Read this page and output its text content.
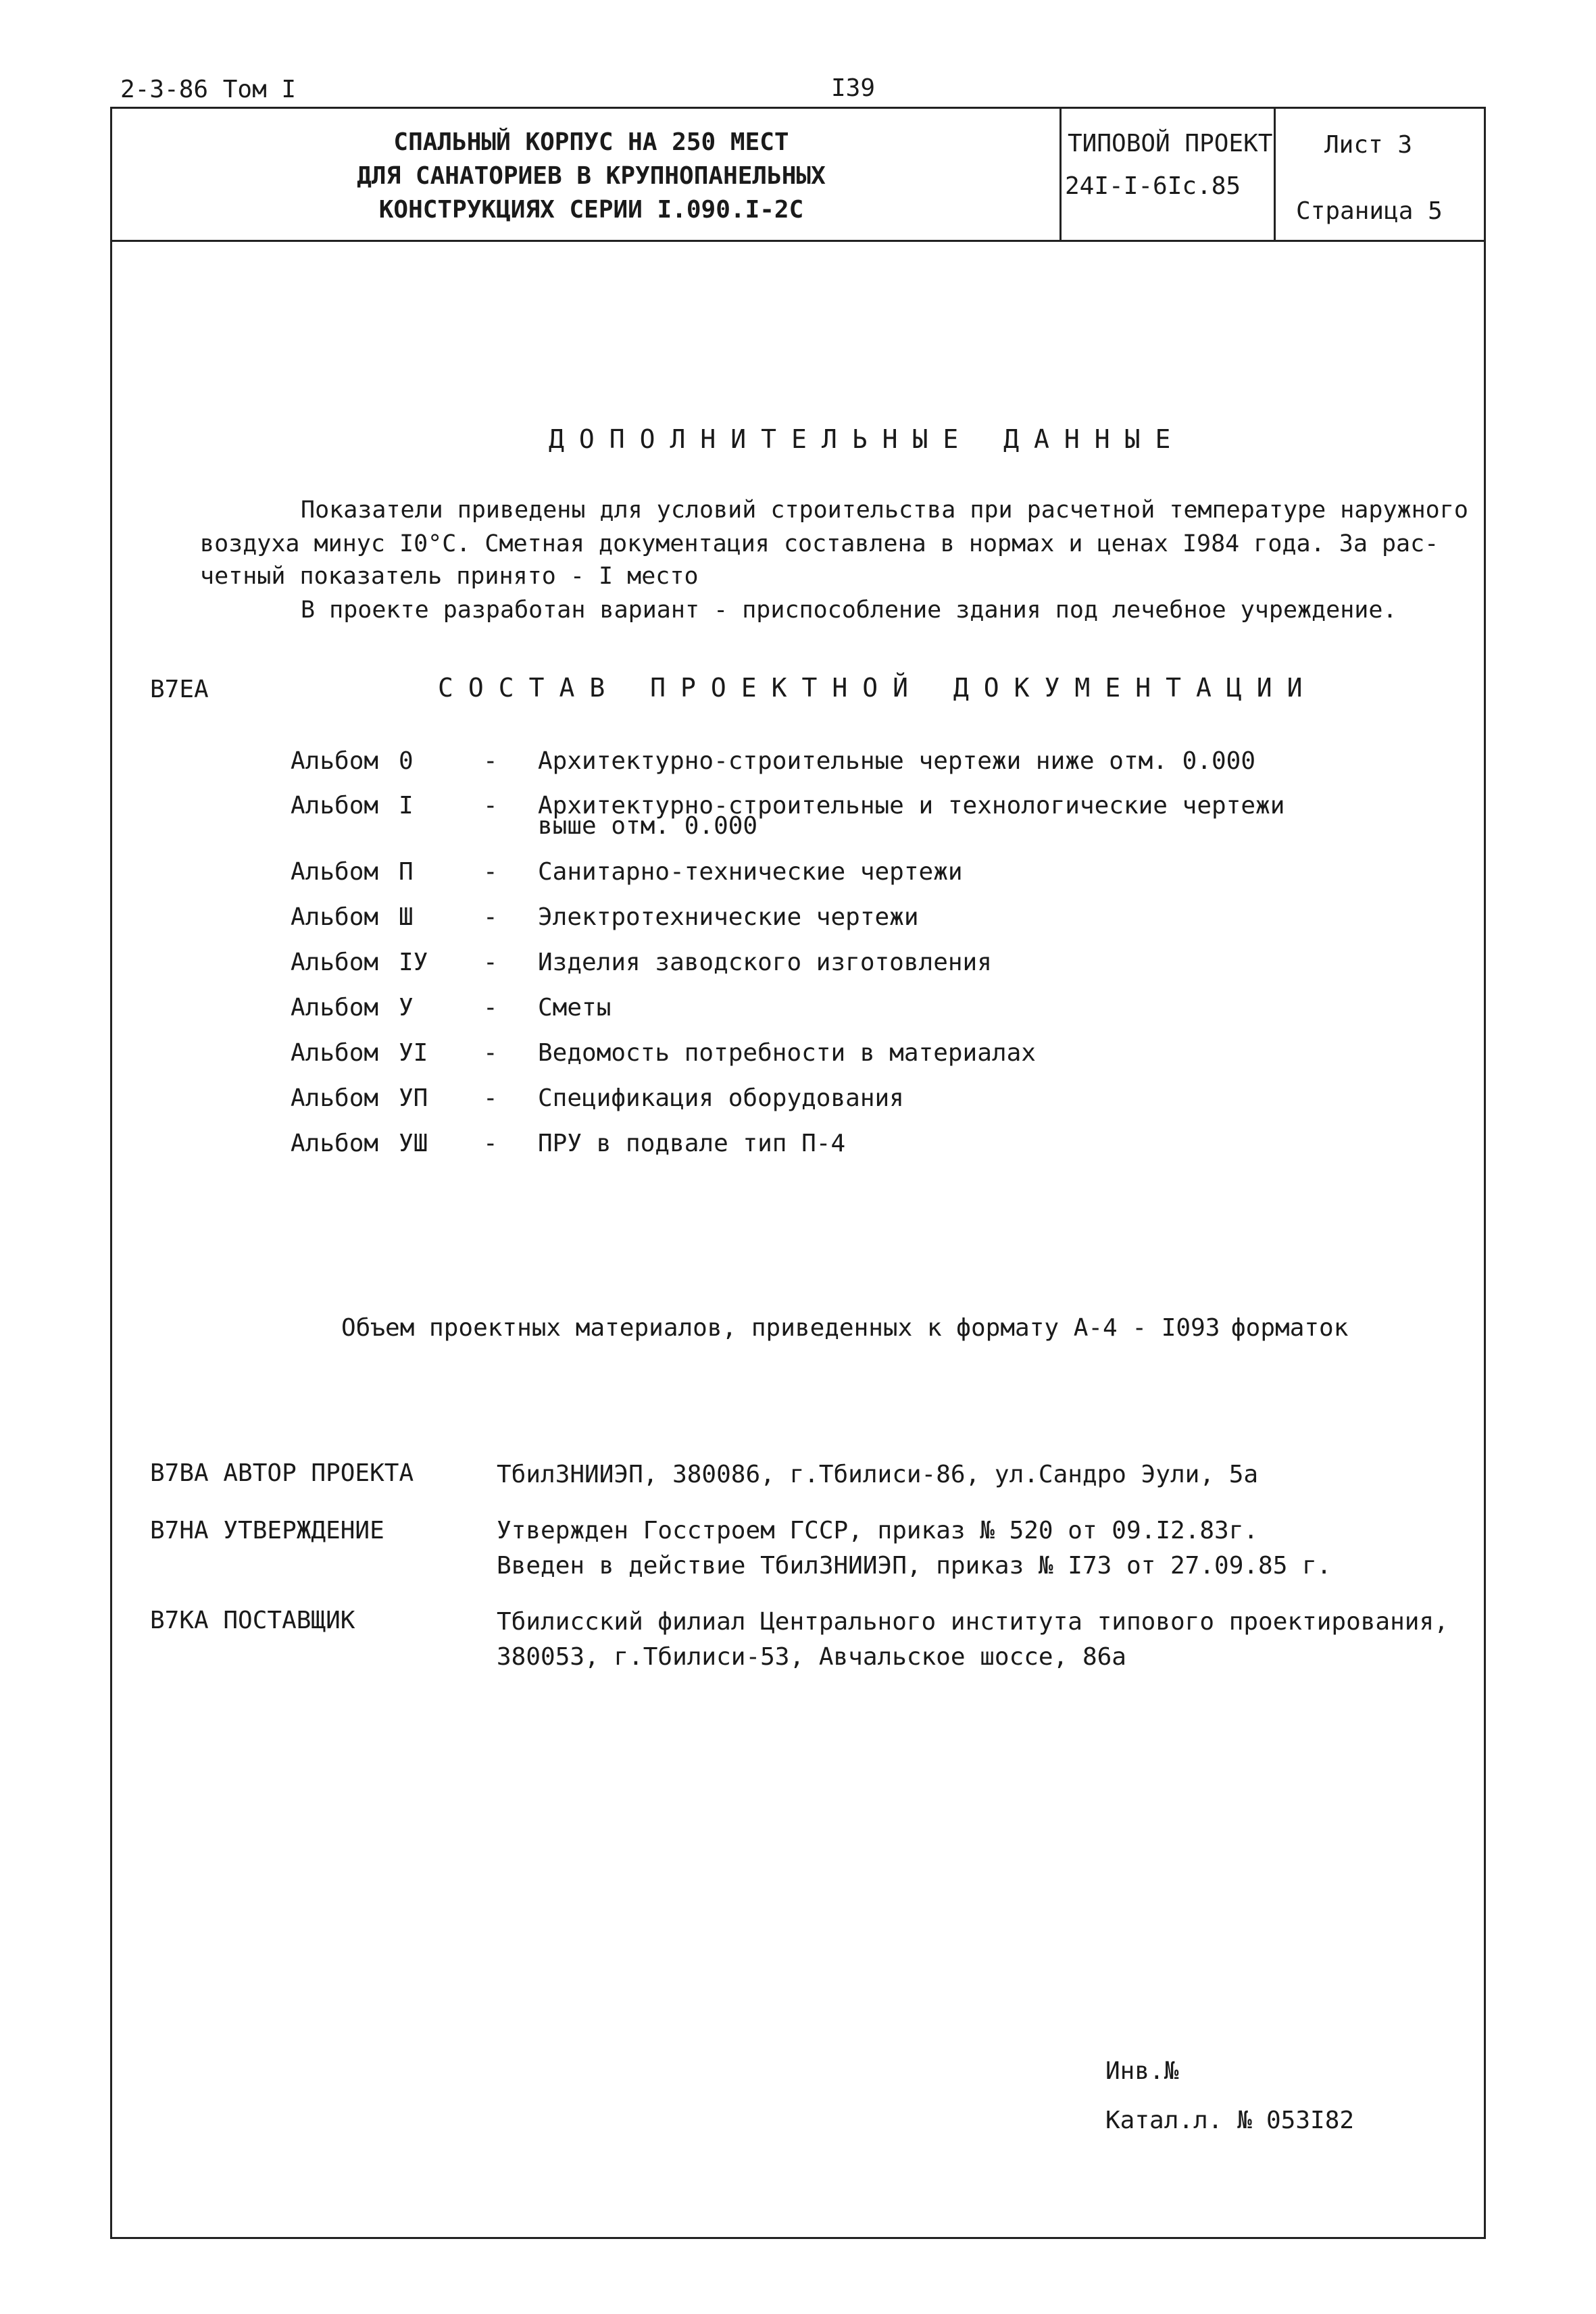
2-3-86 Том I	I39
СПАЛЬНЫЙ КОРПУС НА 250 МЕСТ
ДЛЯ САНАТОРИЕВ В КРУПНОПАНЕЛЬНЫХ
КОНСТРУКЦИЯХ СЕРИИ I.090.I-2С
ТИПОВОЙ ПРОЕКТ
24I-I-6Iс.85
Лист 3
Страница 5
ДОПОЛНИТЕЛЬНЫЕ ДАННЫЕ
Показатели приведены для условий строительства при расчетной температуре наружного
воздуха минус I0°С. Сметная документация составлена в нормах и ценах I984 года. За рас-
четный показатель принято - I место
В проекте разработан вариант - приспособление здания под лечебное учреждение.
В7ЕА	СОСТАВ ПРОЕКТНОЙ ДОКУМЕНТАЦИИ
Альбом 0	- Архитектурно-строительные чертежи ниже отм. 0.000
Альбом I	- Архитектурно-строительные и технологические чертежи
выше отм. 0.000
Альбом П	- Санитарно-технические чертежи
Альбом Ш	- Электротехнические чертежи
Альбом IУ - Изделия заводского изготовления
Альбом У	- Сметы
Альбом УI - Ведомость потребности в материалах
Альбом УП - Спецификация оборудования
Альбом УШ - ПРУ в подвале тип П-4
Объем проектных материалов, приведенных к формату А-4 - I093 форматок
В7ВА АВТОР ПРОЕКТА	ТбилЗНИИЭП, 380086, г.Тбилиси-86, ул.Сандро Эули, 5а
В7НА УТВЕРЖДЕНИЕ	Утвержден Госстроем ГССР, приказ № 520 от 09.I2.83г.
Введен в действие ТбилЗНИИЭП, приказ № I73 от 27.09.85 г.
В7КА ПОСТАВЩИК	Тбилисский филиал Центрального института типового проектирования,
380053, г.Тбилиси-53, Авчальское шоссе, 86а
Инв.№
Катал.л. № 053I82
